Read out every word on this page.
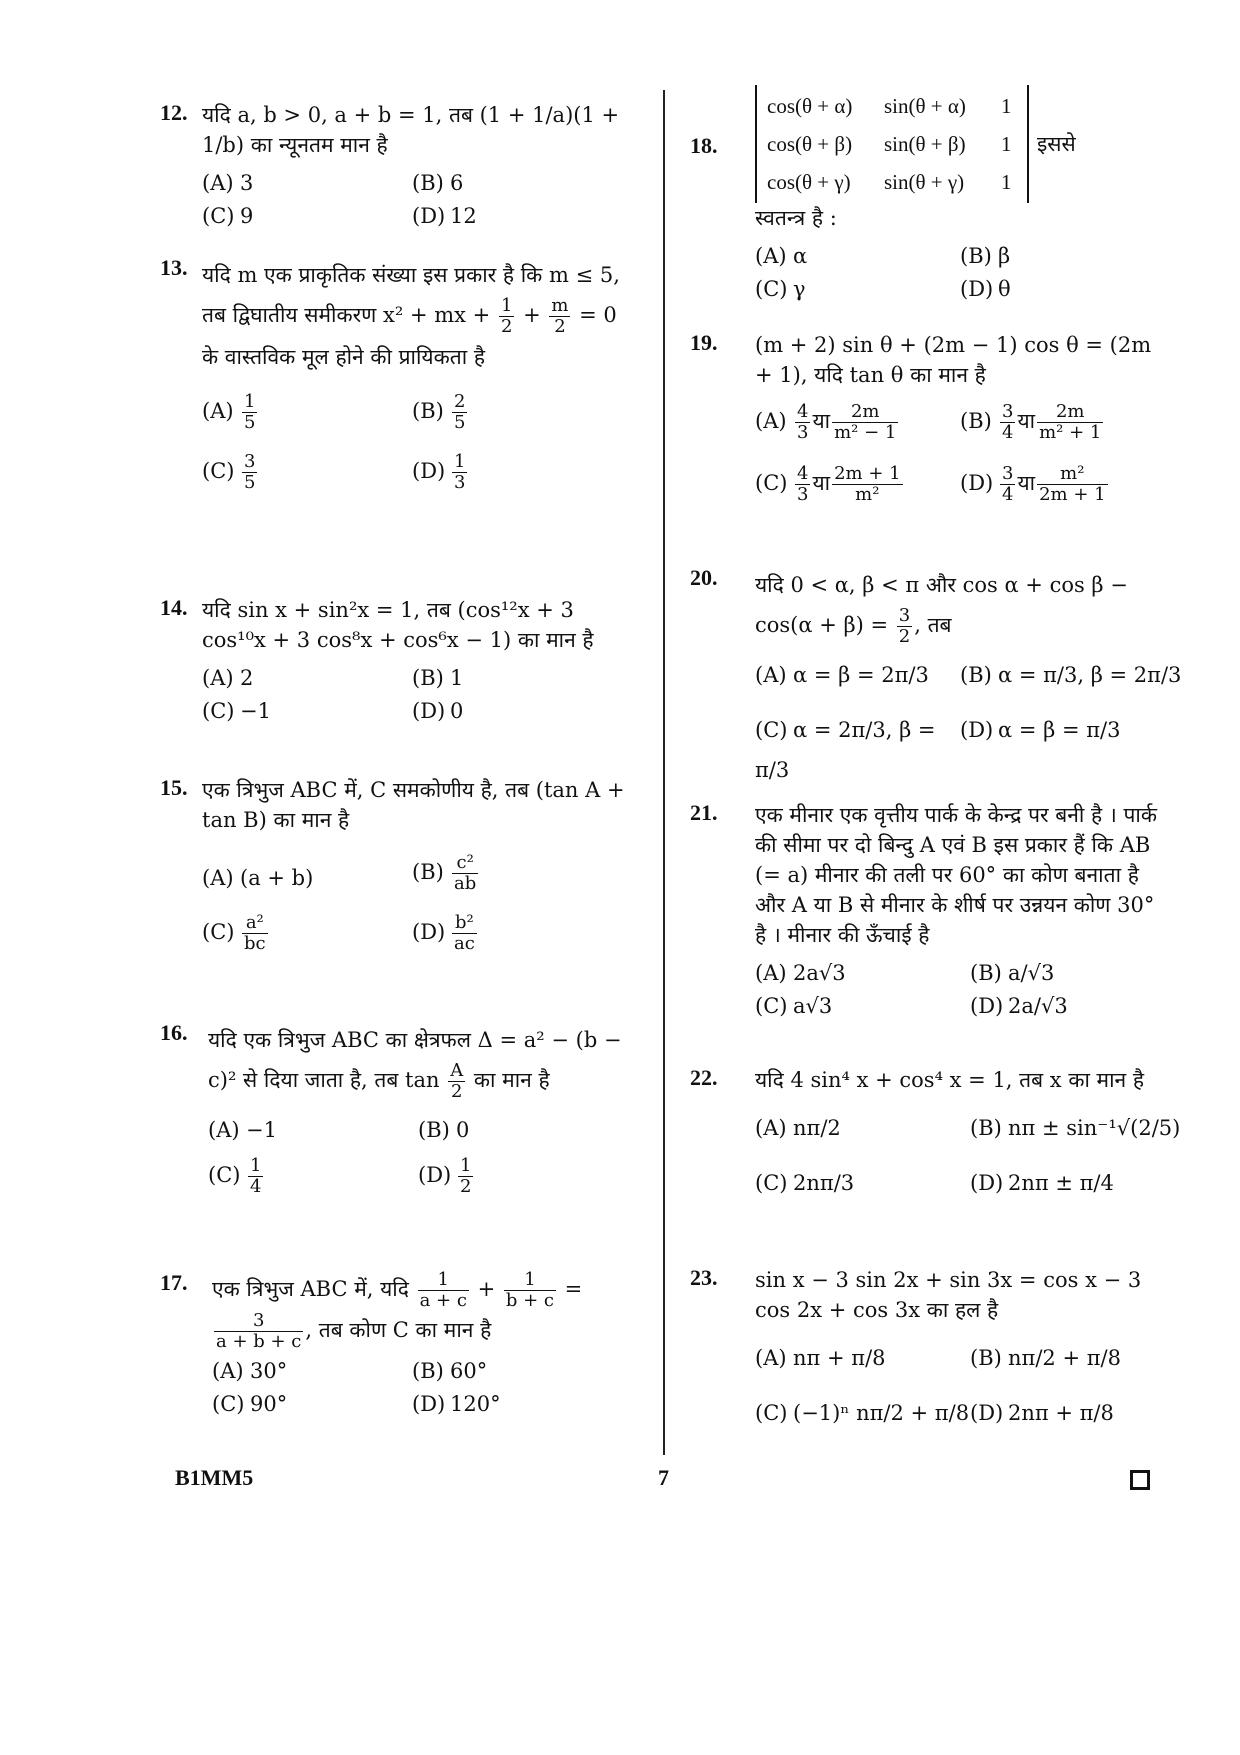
12. यदि a, b > 0, a + b = 1, तब (1 + 1/a)(1 + 1/b) का न्यूनतम मान है

(A) 3	(B) 6
(C) 9	(D) 12
13. यदि m एक प्राकृतिक संख्या इस प्रकार है कि m ≤ 5, तब द्विघातीय समीकरण x² + mx + $\frac{1}{2} + \frac{m}{2} = 0$ के वास्तविक मूल होने की प्रायिकता है

$(A) \frac{1}{5}$	$(B) \frac{2}{5}$
$(C) \frac{3}{5}$	$(D) \frac{1}{3}$
14. यदि sin x + sin²x = 1, तब (cos¹²x + 3 cos¹⁰x + 3 cos⁸x + cos⁶x − 1) का मान है

(A) 2	(B) 1
(C) −1	(D) 0
15. एक त्रिभुज ABC में, C समकोणीय है, तब (tan A + tan B) का मान है

(A) (a + b)	$(B) \frac{\text{c²}}{ab}$
$(C) \frac{\text{a²}}{bc}$	$(D) \frac{\text{b²}}{ac}$
16. यदि एक त्रिभुज ABC का क्षेत्रफल Δ = a² − (b − c)² से दिया जाता है, तब $\tan \frac{A}{2}$ का मान है

(A) −1	(B) 0
$(C) \frac{1}{4}$	$(D) \frac{1}{2}$
17. एक त्रिभुज ABC में, यदि $\frac{1}{a + c} + \frac{1}{b + c}$ =
$\frac{3}{a + b + c}$ , तब कोण C का मान है

(A) 30°	(B) 60°
(C) 90°	(D) 120°
18.
cos(θ + α)	sin(θ + α)	1
cos(θ + β)	sin(θ + β)	1
cos(θ + γ)	sin(θ + γ)	1
इससे

स्वतन्त्र है :

(A) α	(B) β
(C) γ	(D) θ
19. (m + 2) sin θ + (2m − 1) cos θ = (2m + 1), यदि tan θ का मान है

$(A) \frac{4}{3}$ या $\frac{2m}{\text{m² − 1}}$	$(B) \frac{3}{4}$ या $\frac{2m}{\text{m² + 1}}$
$(C) \frac{4}{3}$ या $\frac{2m + 1}{\text{m²}}$	$(D) \frac{3}{4}$ या $\frac{\text{m²}}{2m + 1}$
20. यदि 0 < α, β < π और $\cos \alpha + \cos \beta - \cos(\alpha + \beta) = \frac{3}{2}$ , तब

(A) α = β = 2π/3	(B) α = π/3, β = 2π/3
(C) α = 2π/3, β = π/3
(D) α = β = π/3
21. एक मीनार एक वृत्तीय पार्क के केन्द्र पर बनी है । पार्क की सीमा पर दो बिन्दु A एवं B इस प्रकार हैं कि AB (= a) मीनार की तली पर 60° का कोण बनाता है और A या B से मीनार के शीर्ष पर उन्नयन कोण 30° है । मीनार की ऊँचाई है

(A) 2a√3	(B) a/√3
(C) a√3	(D) 2a/√3
22. यदि 4 sin⁴ x + cos⁴ x = 1, तब x का मान है

(A) nπ/2	(B) nπ ± sin⁻¹√(2/5)
(C) 2nπ/3	(D) 2nπ ± π/4
23. sin x − 3 sin 2x + sin 3x = cos x − 3 cos 2x + cos 3x का हल है

(A) nπ + π/8	(B) nπ/2 + π/8
(C) (−1)ⁿ nπ/2 + π/8 (D) 2nπ + π/8
B1MM5	7
